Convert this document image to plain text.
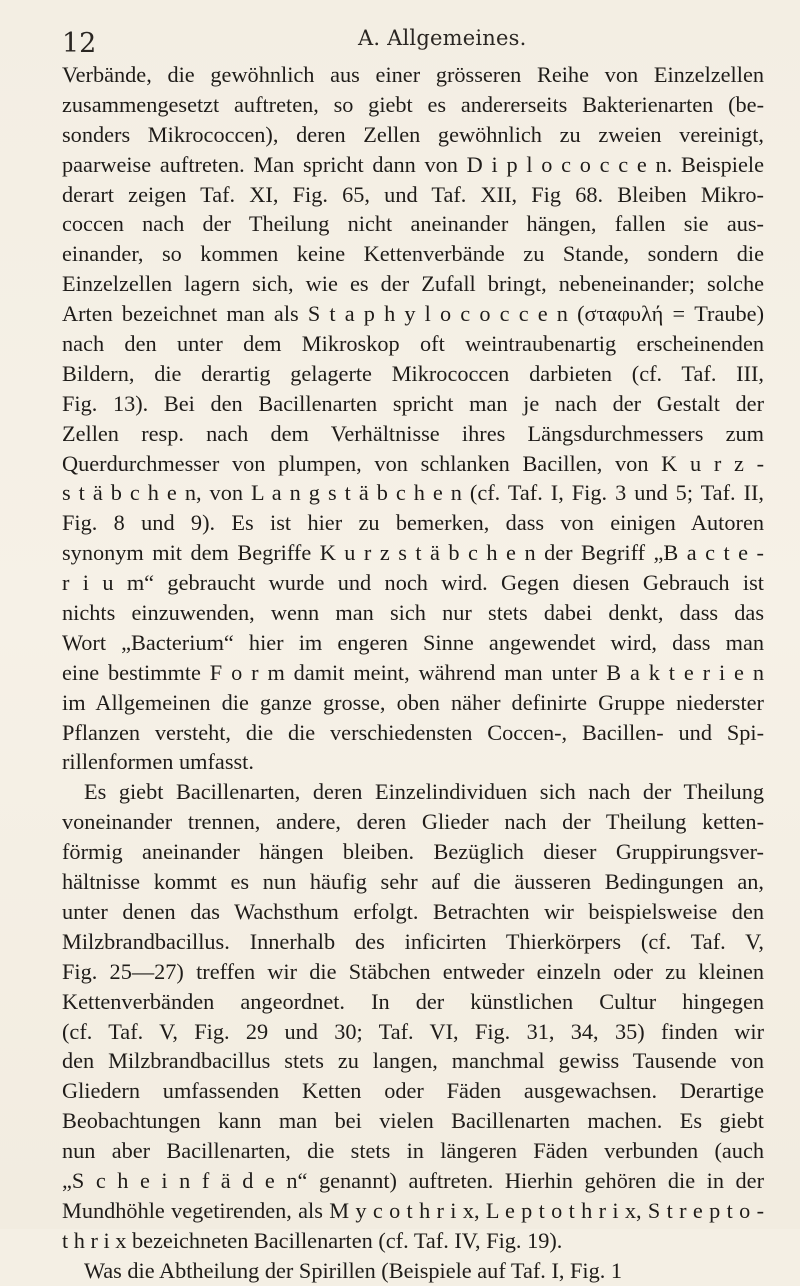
12	A. Allgemeines.
Verbände, die gewöhnlich aus einer grösseren Reihe von Einzelzellen
zusammengesetzt auftreten, so giebt es andererseits Bakterienarten (be-
sonders Mikrococcen), deren Zellen gewöhnlich zu zweien vereinigt,
paarweise auftreten. Man spricht dann von D i p l o c o c c e n. Beispiele
derart zeigen Taf. XI, Fig. 65, und Taf. XII, Fig 68. Bleiben Mikro-
coccen nach der Theilung nicht aneinander hängen, fallen sie aus-
einander, so kommen keine Kettenverbände zu Stande, sondern die
Einzelzellen lagern sich, wie es der Zufall bringt, nebeneinander; solche
Arten bezeichnet man als S t a p h y l o c o c c e n (σταφυλή = Traube)
nach den unter dem Mikroskop oft weintraubenartig erscheinenden
Bildern, die derartig gelagerte Mikrococcen darbieten (cf. Taf. III,
Fig. 13). Bei den Bacillenarten spricht man je nach der Gestalt der
Zellen resp. nach dem Verhältnisse ihres Längsdurchmessers zum
Querdurchmesser von plumpen, von schlanken Bacillen, von K u r z -
s t ä b c h e n, von L a n g s t ä b c h e n (cf. Taf. I, Fig. 3 und 5; Taf. II,
Fig. 8 und 9). Es ist hier zu bemerken, dass von einigen Autoren
synonym mit dem Begriffe K u r z s t ä b c h e n der Begriff „B a c t e -
r i u m“ gebraucht wurde und noch wird. Gegen diesen Gebrauch ist
nichts einzuwenden, wenn man sich nur stets dabei denkt, dass das
Wort „Bacterium“ hier im engeren Sinne angewendet wird, dass man
eine bestimmte F o r m damit meint, während man unter B a k t e r i e n
im Allgemeinen die ganze grosse, oben näher definirte Gruppe niederster
Pflanzen versteht, die die verschiedensten Coccen-, Bacillen- und Spi-
rillenformen umfasst.
Es giebt Bacillenarten, deren Einzelindividuen sich nach der Theilung
voneinander trennen, andere, deren Glieder nach der Theilung ketten-
förmig aneinander hängen bleiben. Bezüglich dieser Gruppirungsver-
hältnisse kommt es nun häufig sehr auf die äusseren Bedingungen an,
unter denen das Wachsthum erfolgt. Betrachten wir beispielsweise den
Milzbrandbacillus. Innerhalb des inficirten Thierkörpers (cf. Taf. V,
Fig. 25—27) treffen wir die Stäbchen entweder einzeln oder zu kleinen
Kettenverbänden angeordnet. In der künstlichen Cultur hingegen
(cf. Taf. V, Fig. 29 und 30; Taf. VI, Fig. 31, 34, 35) finden wir
den Milzbrandbacillus stets zu langen, manchmal gewiss Tausende von
Gliedern umfassenden Ketten oder Fäden ausgewachsen. Derartige
Beobachtungen kann man bei vielen Bacillenarten machen. Es giebt
nun aber Bacillenarten, die stets in längeren Fäden verbunden (auch
„S c h e i n f ä d e n“ genannt) auftreten. Hierhin gehören die in der
Mundhöhle vegetirenden, als M y c o t h r i x, L e p t o t h r i x, S t r e p t o -
t h r i x bezeichneten Bacillenarten (cf. Taf. IV, Fig. 19).
Was die Abtheilung der Spirillen (Beispiele auf Taf. I, Fig. 1
